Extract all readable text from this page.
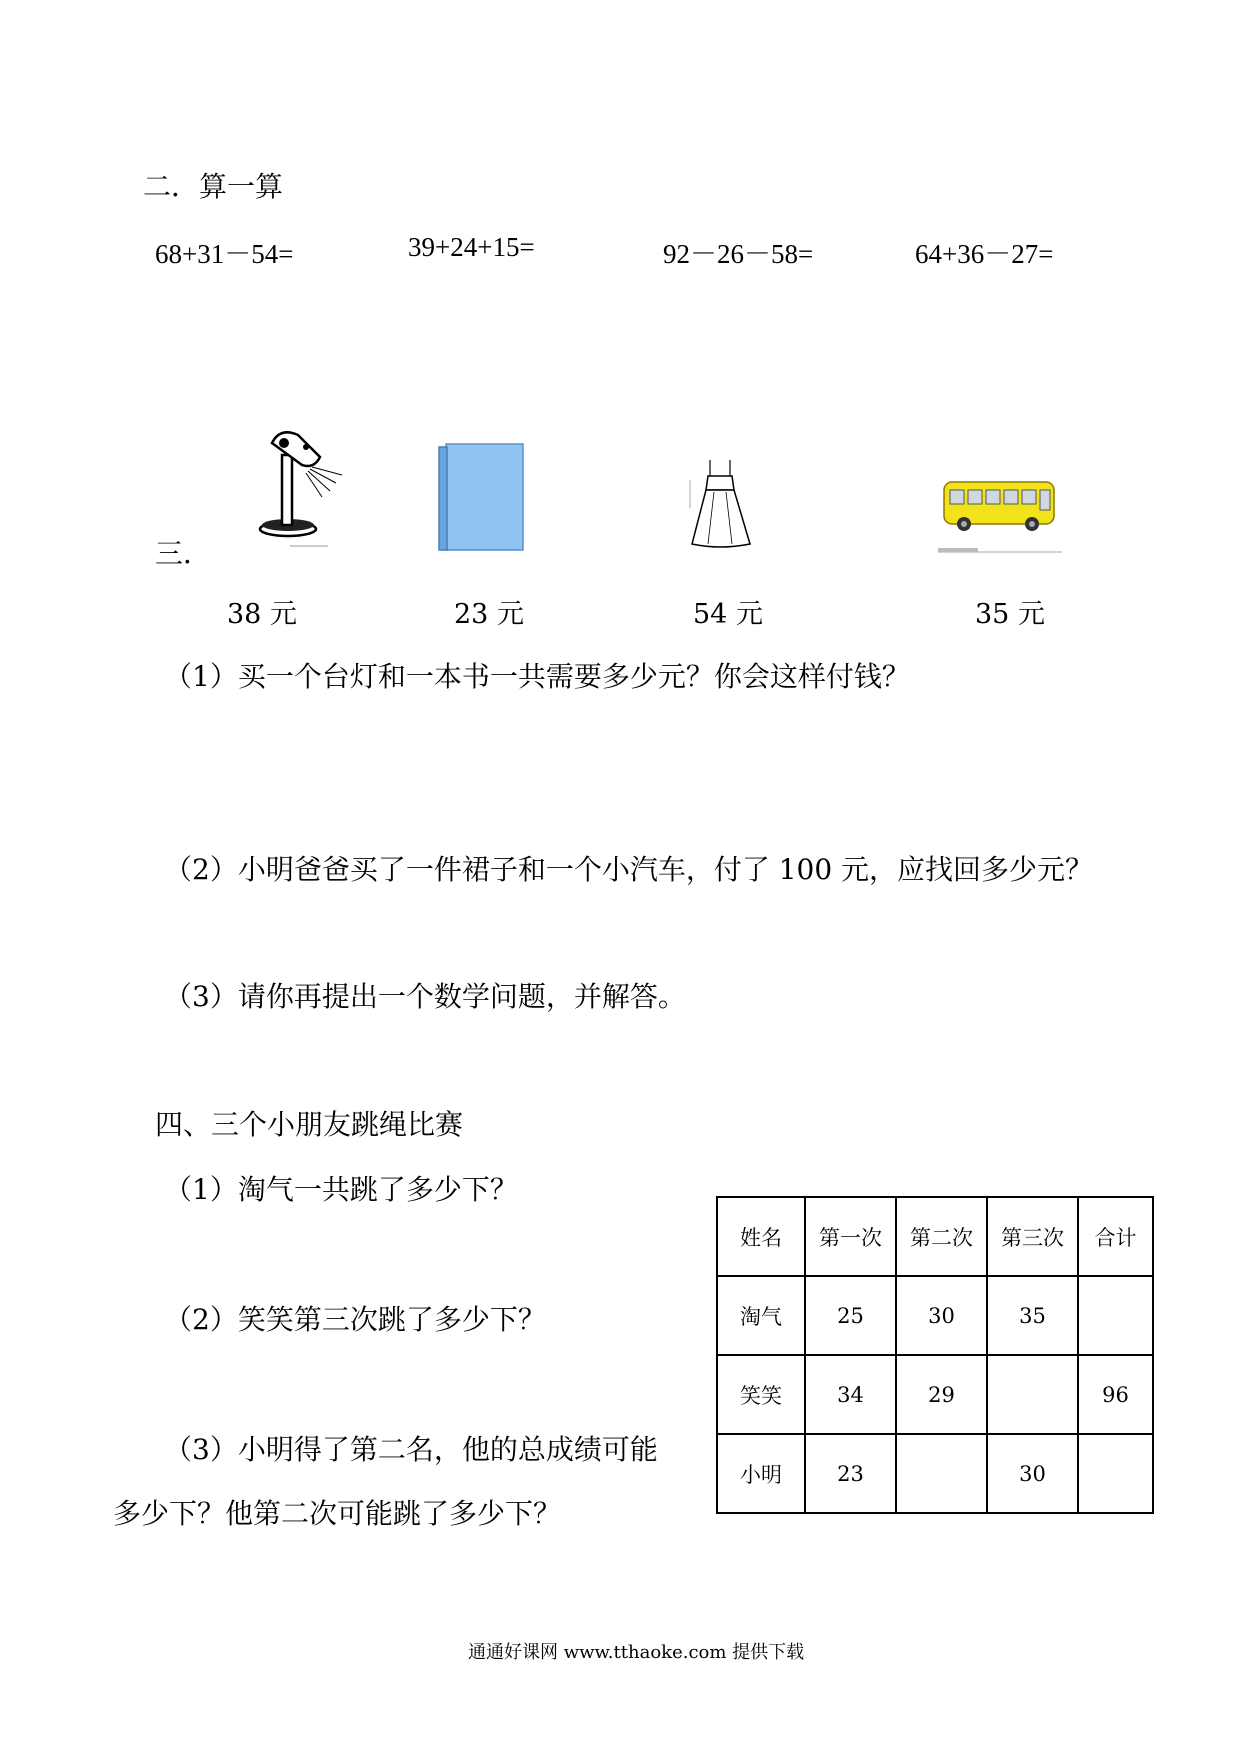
二．算一算
68+31－54=	39+24+15=	92－26－58=	64+36－27=
三．
38 元	23 元	54 元	35 元
（1）买一个台灯和一本书一共需要多少元？你会这样付钱？
（2）小明爸爸买了一件裙子和一个小汽车，付了 100 元，应找回多少元？
（3）请你再提出一个数学问题，并解答。
四、三个小朋友跳绳比赛
（1）淘气一共跳了多少下？
（2）笑笑第三次跳了多少下？
（3）小明得了第二名，他的总成绩可能
多少下？他第二次可能跳了多少下？
姓名	第一次	第二次	第三次	合计
淘气	25	30	35	
笑笑	34	29		96
小明	23		30	
通通好课网 www.tthaoke.com 提供下载
